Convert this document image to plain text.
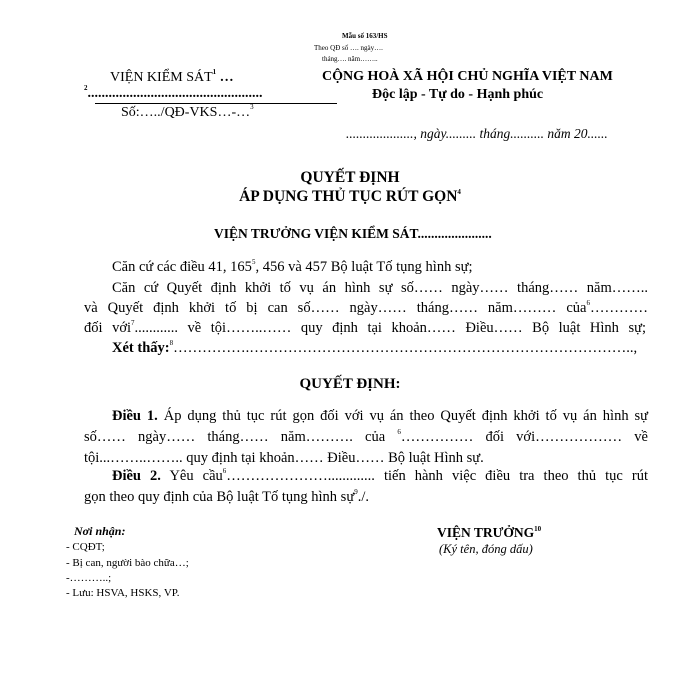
Mẫu số 163/HS
Theo QĐ số …. ngày….
tháng…. năm……..
VIỆN KIỂM SÁT$^1$ …
$^2$..................................................
Số:…../QĐ-VKS…-…$^3$
CỘNG HOÀ XÃ HỘI CHỦ NGHĨA VIỆT NAM
Độc lập - Tự do - Hạnh phúc
...................., ngày......... tháng.......... năm 20......
QUYẾT ĐỊNH
ÁP DỤNG THỦ TỤC RÚT GỌN$^4$
VIỆN TRƯỞNG VIỆN KIỂM SÁT......................
Căn cứ các điều 41, $165^5$, 456 và 457 Bộ luật Tố tụng hình sự;
Căn cứ Quyết định khởi tố vụ án hình sự số…… ngày…… tháng…… năm……..
và Quyết định khởi tố bị can số…… ngày…… tháng…… năm……… của$^6$…………
đối với$^7$............ về tội……..…… quy định tại khoản…… Điều…… Bộ luật Hình sự;
Xét thấy:$^8$…………….……………………………………………………………………..,
QUYẾT ĐỊNH:
Điều 1. Áp dụng thủ tục rút gọn đối với vụ án theo Quyết định khởi tố vụ án hình sự
số…… ngày…… tháng…… năm………. của $^6$…………… đối với……………… về
tội...……..…….. quy định tại khoản…… Điều…… Bộ luật Hình sự.
Điều 2. Yêu cầu$^6$…………………............. tiến hành việc điều tra theo thủ tục rút
gọn theo quy định của Bộ luật Tố tụng hình sự$^9$./.
Nơi nhận:
- CQĐT;
- Bị can, người bào chữa…;
-………..;
- Lưu: HSVA, HSKS, VP.
VIỆN TRƯỞNG$^{10}$
(Ký tên, đóng dấu)
